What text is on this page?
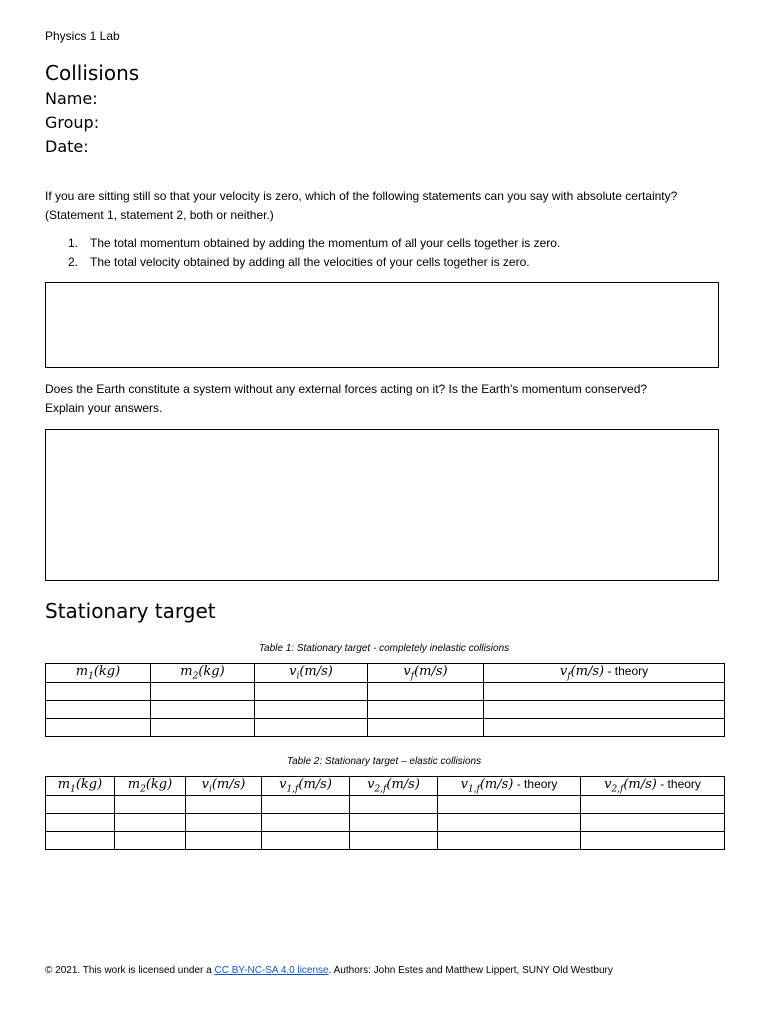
Physics 1 Lab
Collisions
Name:
Group:
Date:
If you are sitting still so that your velocity is zero, which of the following statements can you say with absolute certainty?
(Statement 1, statement 2, both or neither.)
1. The total momentum obtained by adding the momentum of all your cells together is zero.
2. The total velocity obtained by adding all the velocities of your cells together is zero.
Does the Earth constitute a system without any external forces acting on it? Is the Earth’s momentum conserved?
Explain your answers.
Stationary target
Table 1: Stationary target - completely inelastic collisions
$m_1(kg)$	$m_2(kg)$	$v_i(m/s)$	$v_f(m/s)$	$v_f(m/s)$ - theory

Table 2: Stationary target – elastic collisions
$m_1(kg)$	$m_2(kg)$	$v_i(m/s)$	$v_{1,f}(m/s)$	$v_{2,f}(m/s)$	$v_{1,f}(m/s)$ - theory	$v_{2,f}(m/s)$ - theory

© 2021. This work is licensed under a CC BY-NC-SA 4.0 license. Authors: John Estes and Matthew Lippert, SUNY Old Westbury
